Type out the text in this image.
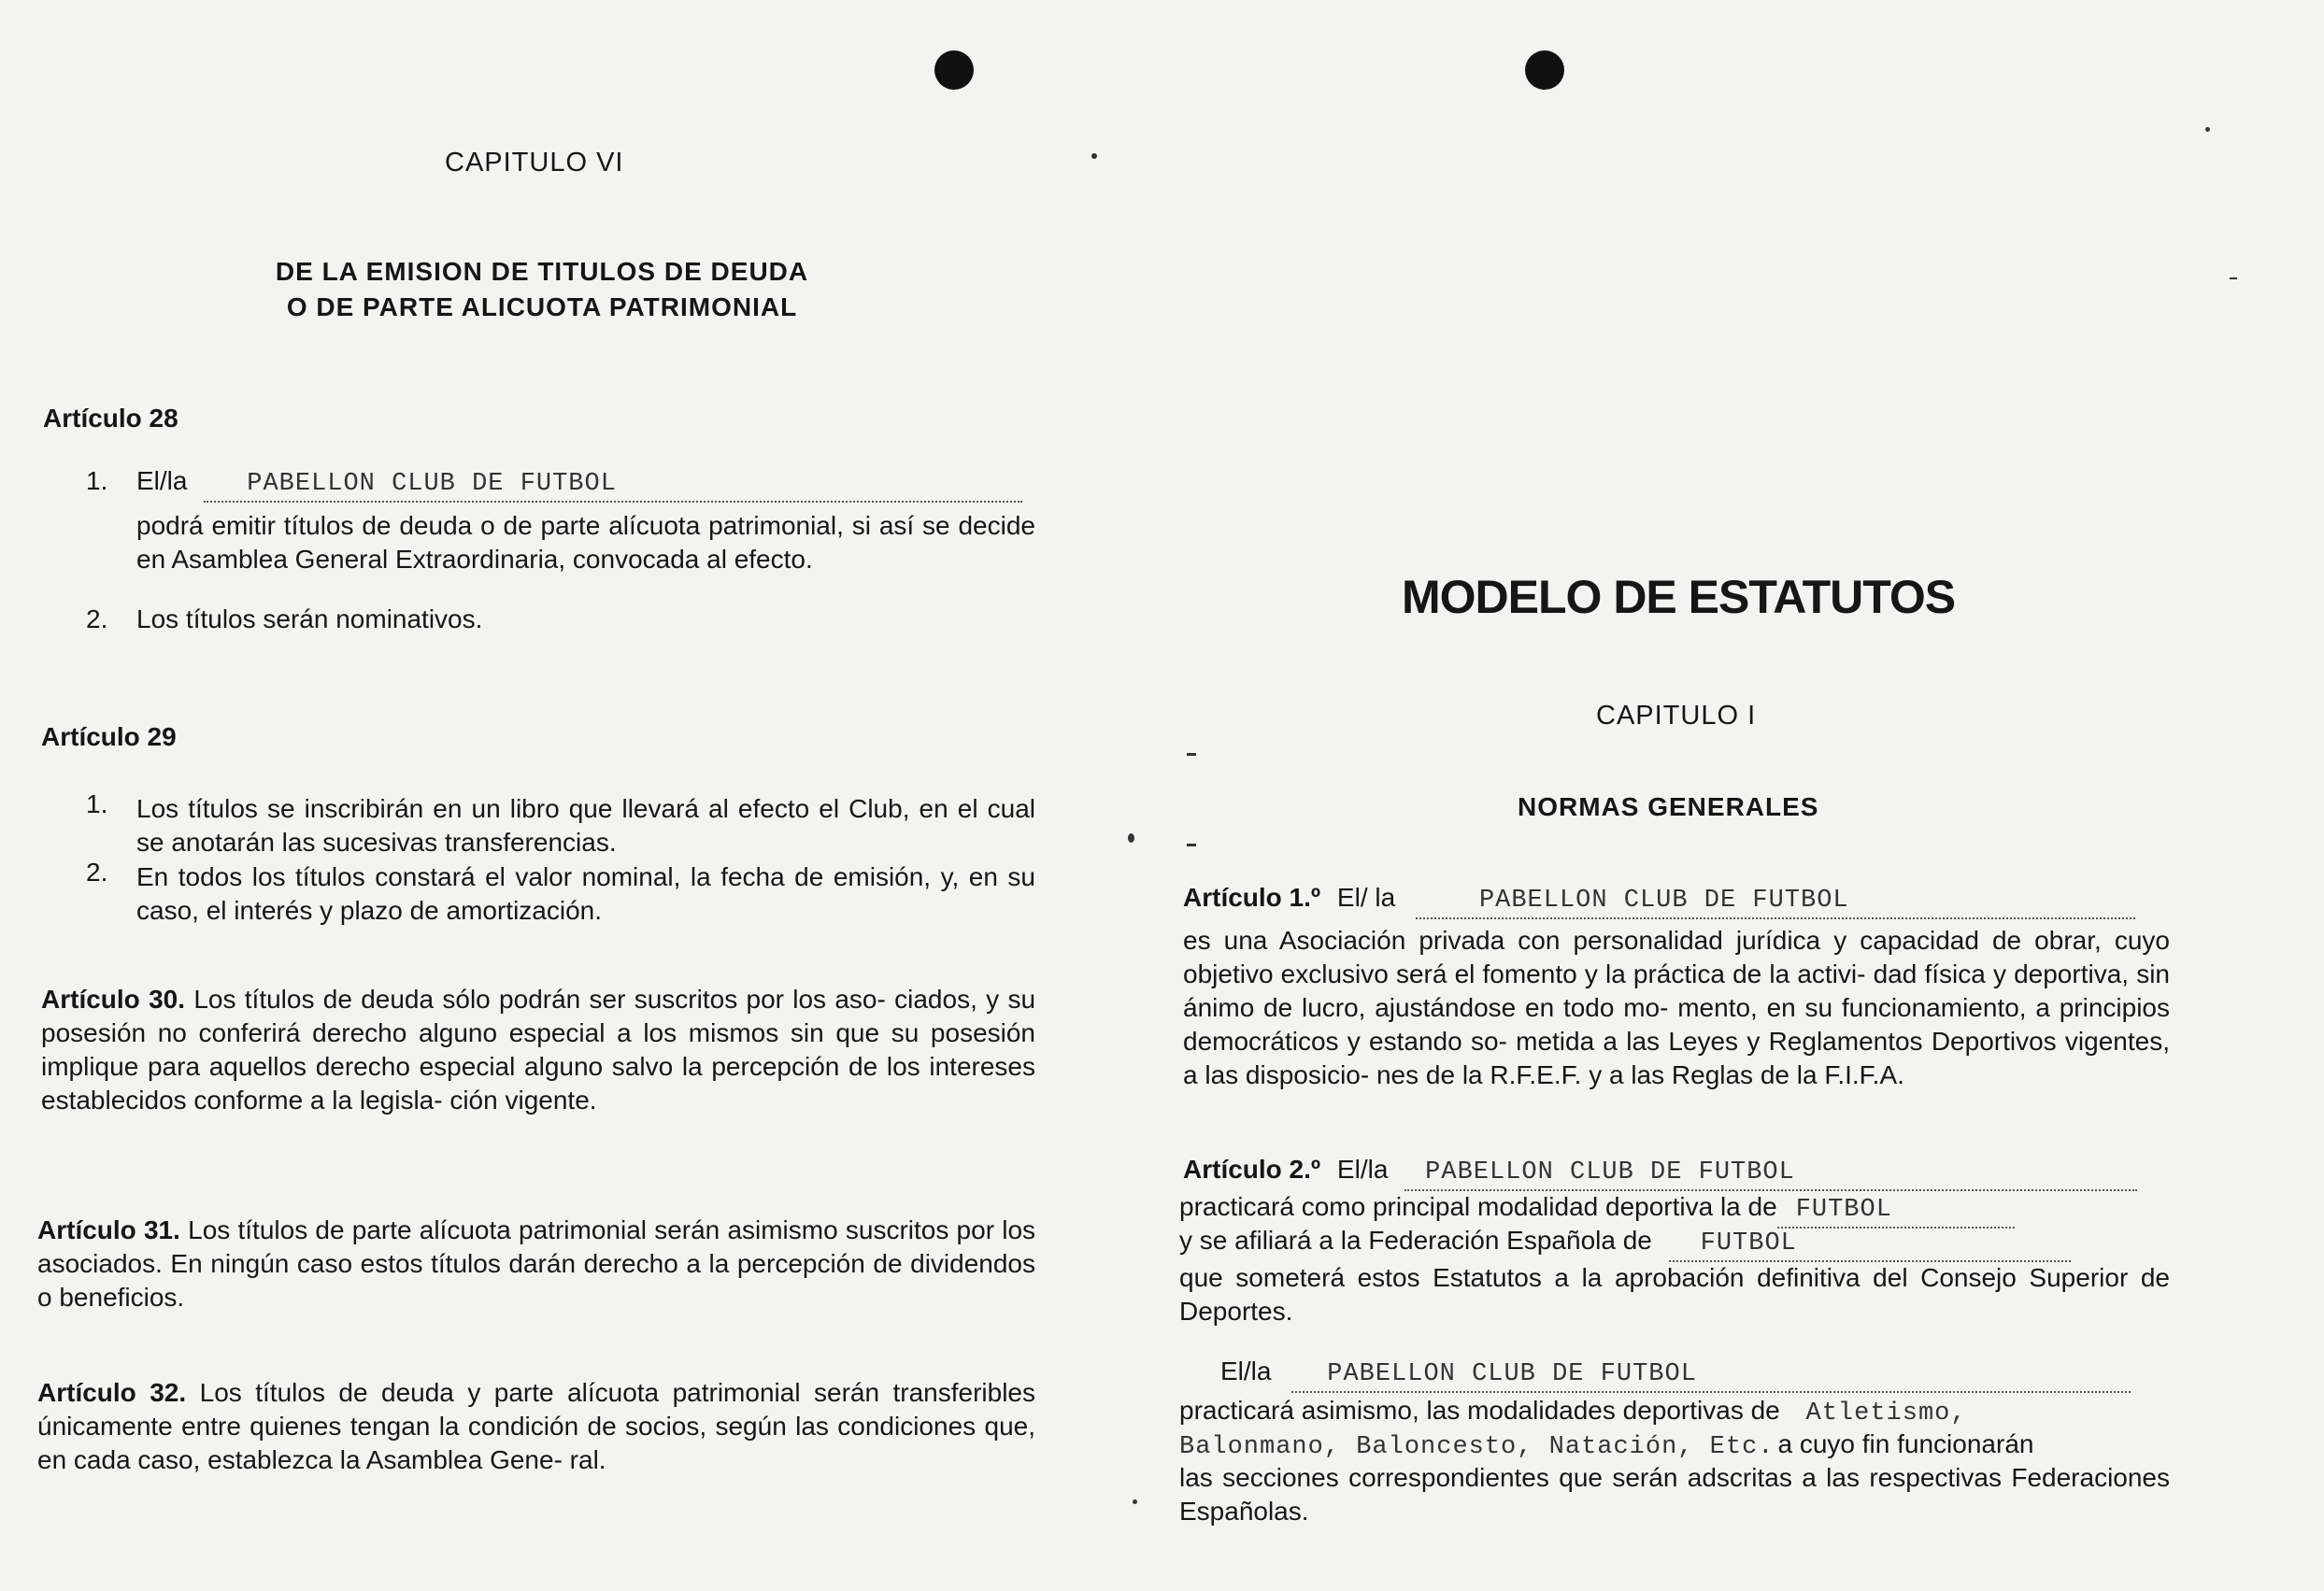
CAPITULO VI
DE LA EMISION DE TITULOS DE DEUDA
O DE PARTE ALICUOTA PATRIMONIAL
Artículo 28
1. El/la PABELLON CLUB DE FUTBOL
podrá emitir títulos de deuda o de parte alícuota patrimonial, si así se decide en Asamblea General Extraordinaria, convocada al efecto.
2. Los títulos serán nominativos.
Artículo 29
1. Los títulos se inscribirán en un libro que llevará al efecto el Club, en el cual se anotarán las sucesivas transferencias.
2. En todos los títulos constará el valor nominal, la fecha de emisión, y, en su caso, el interés y plazo de amortización.
Artículo 30. Los títulos de deuda sólo podrán ser suscritos por los aso- ciados, y su posesión no conferirá derecho alguno especial a los mismos sin que su posesión implique para aquellos derecho especial alguno salvo la percepción de los intereses establecidos conforme a la legisla- ción vigente.
Artículo 31. Los títulos de parte alícuota patrimonial serán asimismo suscritos por los asociados. En ningún caso estos títulos darán derecho a la percepción de dividendos o beneficios.
Artículo 32. Los títulos de deuda y parte alícuota patrimonial serán transferibles únicamente entre quienes tengan la condición de socios, según las condiciones que, en cada caso, establezca la Asamblea Gene- ral.
MODELO DE ESTATUTOS
CAPITULO I
NORMAS GENERALES
Artículo 1.º El/ la	PABELLON CLUB DE FUTBOL
es una Asociación privada con personalidad jurídica y capacidad de obrar, cuyo objetivo exclusivo será el fomento y la práctica de la activi- dad física y deportiva, sin ánimo de lucro, ajustándose en todo mo- mento, en su funcionamiento, a principios democráticos y estando so- metida a las Leyes y Reglamentos Deportivos vigentes, a las disposicio- nes de la R.F.E.F. y a las Reglas de la F.I.F.A.
Artículo 2.º El/la PABELLON CLUB DE FUTBOL
practicará como principal modalidad deportiva la de FUTBOL
y se afiliará a la Federación Española de FUTBOL
que someterá estos Estatutos a la aprobación definitiva del Consejo Superior de Deportes.
El/la PABELLON CLUB DE FUTBOL
practicará asimismo, las modalidades deportivas de Atletismo,
Balonmano, Baloncesto, Natación, Etc. a cuyo fin funcionarán
las secciones correspondientes que serán adscritas a las respectivas Federaciones Españolas.
